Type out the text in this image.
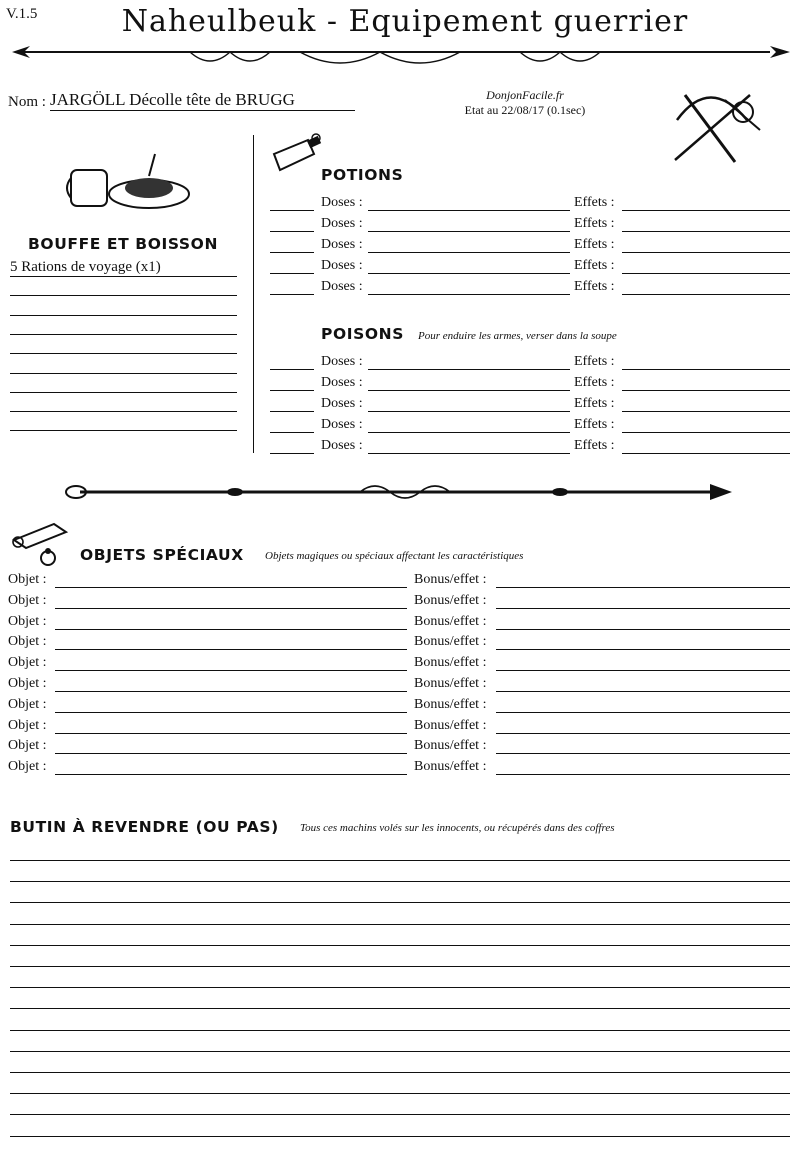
V.1.5	Naheulbeuk - Equipement guerrier
Nom : JARGÖLL Décolle tête de BRUGG	DonjonFacile.fr
Etat au 22/08/17 (0.1sec)
BOUFFE ET BOISSON
5 Rations de voyage (x1)
POTIONS
Doses :	Effets :
Doses :	Effets :
Doses :	Effets :
Doses :	Effets :
Doses :	Effets :
POISONS Pour enduire les armes, verser dans la soupe
Doses :	Effets :
Doses :	Effets :
Doses :	Effets :
Doses :	Effets :
Doses :	Effets :
OBJETS SPÉCIAUX Objets magiques ou spéciaux affectant les caractéristiques
Objet :	Bonus/effet :
Objet :	Bonus/effet :
Objet :	Bonus/effet :
Objet :	Bonus/effet :
Objet :	Bonus/effet :
Objet :	Bonus/effet :
Objet :	Bonus/effet :
Objet :	Bonus/effet :
Objet :	Bonus/effet :
Objet :	Bonus/effet :
BUTIN À REVENDRE (OU PAS) Tous ces machins volés sur les innocents, ou récupérés dans des coffres
